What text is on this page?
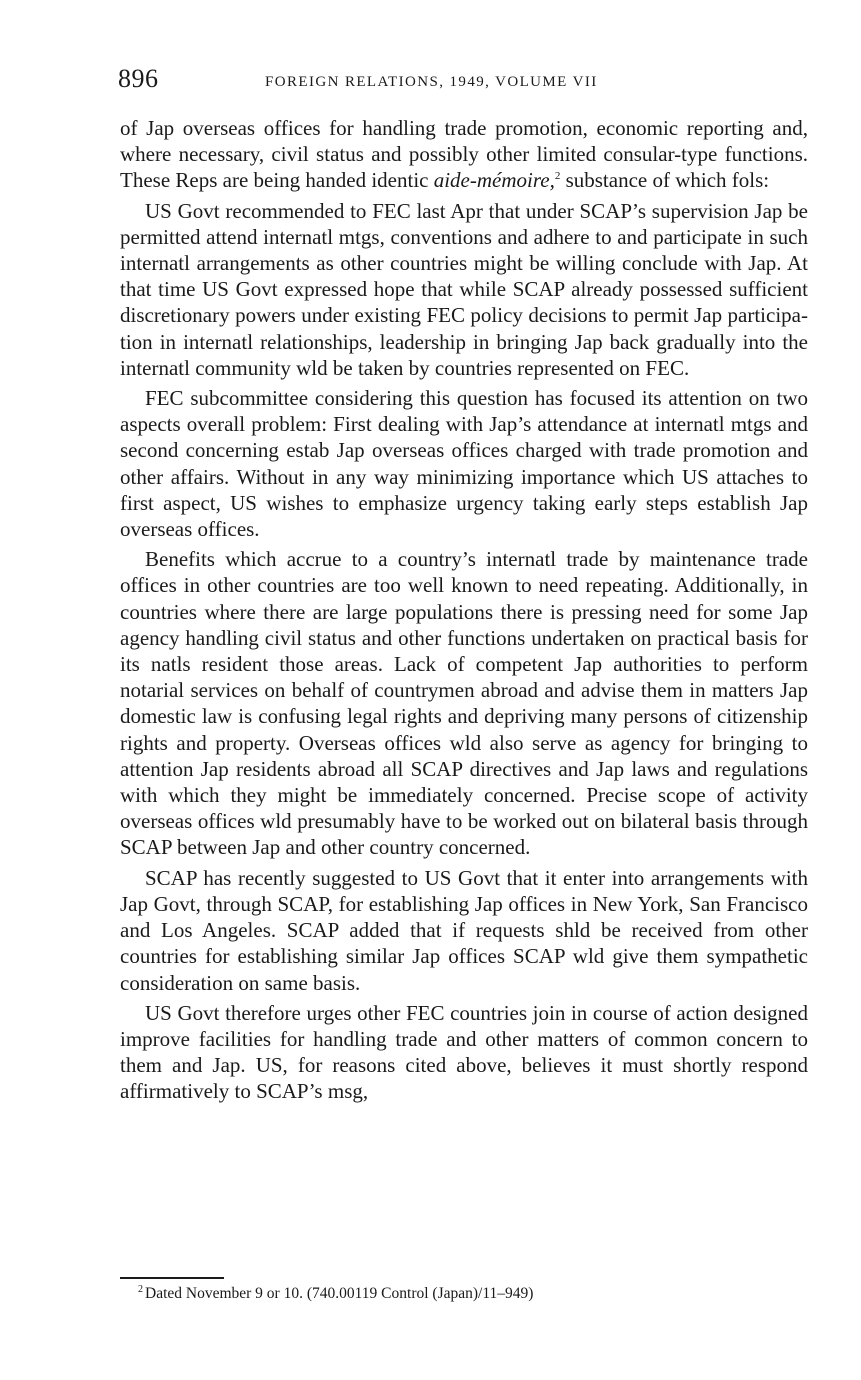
896	FOREIGN RELATIONS, 1949, VOLUME VII

of Jap overseas offices for handling trade promotion, economic reporting and, where necessary, civil status and possibly other limited consular-type functions. These Reps are being handed identic aide-mémoire,$^2$ substance of which fols:

US Govt recommended to FEC last Apr that under SCAP’s supervision Jap be permitted attend internatl mtgs, conventions and adhere to and participate in such internatl arrangements as other countries might be willing conclude with Jap. At that time US Govt expressed hope that while SCAP already possessed sufficient discretionary powers under existing FEC policy decisions to permit Jap participation in internatl relationships, leadership in bringing Jap back gradually into the internatl community wld be taken by countries represented on FEC.

FEC subcommittee considering this question has focused its attention on two aspects overall problem: First dealing with Jap’s attendance at internatl mtgs and second concerning estab Jap overseas offices charged with trade promotion and other affairs. Without in any way minimizing importance which US attaches to first aspect, US wishes to emphasize urgency taking early steps establish Jap overseas offices.

Benefits which accrue to a country’s internatl trade by maintenance trade offices in other countries are too well known to need repeating. Additionally, in countries where there are large populations there is pressing need for some Jap agency handling civil status and other functions undertaken on practical basis for its natls resident those areas. Lack of competent Jap authorities to perform notarial services on behalf of countrymen abroad and advise them in matters Jap domestic law is confusing legal rights and depriving many persons of citizenship rights and property. Overseas offices wld also serve as agency for bringing to attention Jap residents abroad all SCAP directives and Jap laws and regulations with which they might be immediately concerned. Precise scope of activity overseas offices wld presumably have to be worked out on bilateral basis through SCAP between Jap and other country concerned.

SCAP has recently suggested to US Govt that it enter into arrangements with Jap Govt, through SCAP, for establishing Jap offices in New York, San Francisco and Los Angeles. SCAP added that if requests shld be received from other countries for establishing similar Jap offices SCAP wld give them sympathetic consideration on same basis.

US Govt therefore urges other FEC countries join in course of action designed improve facilities for handling trade and other matters of common concern to them and Jap. US, for reasons cited above, believes it must shortly respond affirmatively to SCAP’s msg,

$^2$ Dated November 9 or 10. (740.00119 Control (Japan)/11–949)
